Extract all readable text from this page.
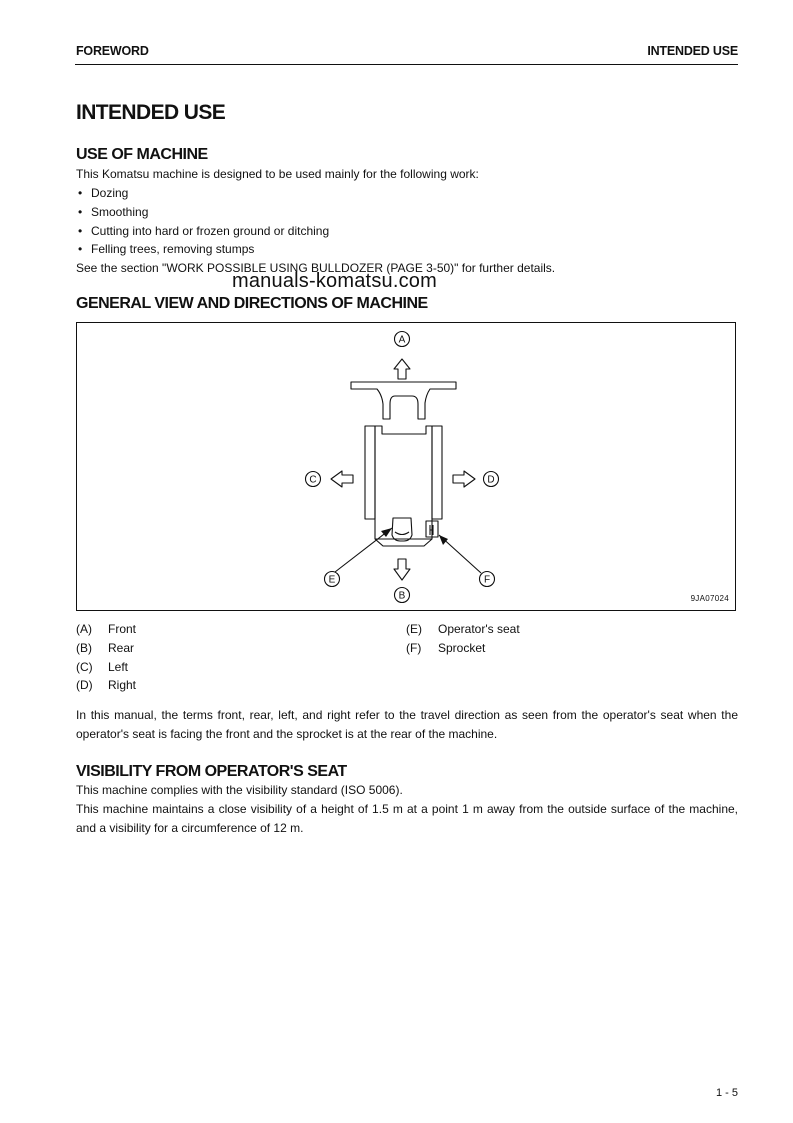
FOREWORD	INTENDED USE
INTENDED USE
USE OF MACHINE

This Komatsu machine is designed to be used mainly for the following work:

• Dozing
• Smoothing
• Cutting into hard or frozen ground or ditching
• Felling trees, removing stumps

See the section "WORK POSSIBLE USING BULLDOZER (PAGE 3-50)" for further details.

manuals-komatsu.com
GENERAL VIEW AND DIRECTIONS OF MACHINE
A
B
C	D
E	F
9JA07024
(A) Front
(B) Rear
(C) Left
(D) Right
(E) Operator's seat
(F) Sprocket

In this manual, the terms front, rear, left, and right refer to the travel direction as seen from the operator's seat when the operator's seat is facing the front and the sprocket is at the rear of the machine.

VISIBILITY FROM OPERATOR'S SEAT

This machine complies with the visibility standard (ISO 5006).

This machine maintains a close visibility of a height of 1.5 m at a point 1 m away from the outside surface of the machine, and a visibility for a circumference of 12 m.

1 - 5
